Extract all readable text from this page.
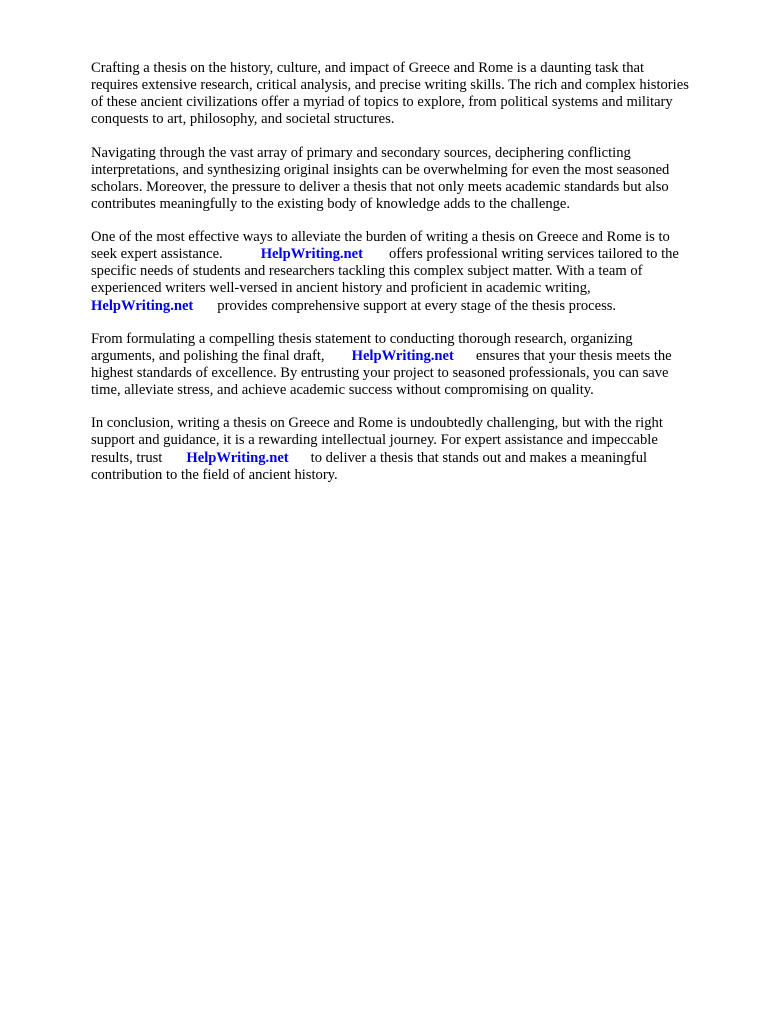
Crafting a thesis on the history, culture, and impact of Greece and Rome is a daunting task that
requires extensive research, critical analysis, and precise writing skills. The rich and complex histories
of these ancient civilizations offer a myriad of topics to explore, from political systems and military
conquests to art, philosophy, and societal structures.

Navigating through the vast array of primary and secondary sources, deciphering conflicting
interpretations, and synthesizing original insights can be overwhelming for even the most seasoned
scholars. Moreover, the pressure to deliver a thesis that not only meets academic standards but also
contributes meaningfully to the existing body of knowledge adds to the challenge.

One of the most effective ways to alleviate the burden of writing a thesis on Greece and Rome is to
seek expert assistance.	HelpWriting.net offers professional writing services tailored to the
specific needs of students and researchers tackling this complex subject matter. With a team of
experienced writers well-versed in ancient history and proficient in academic writing,
HelpWriting.net provides comprehensive support at every stage of the thesis process.

From formulating a compelling thesis statement to conducting thorough research, organizing
arguments, and polishing the final draft, HelpWriting.net ensures that your thesis meets the
highest standards of excellence. By entrusting your project to seasoned professionals, you can save
time, alleviate stress, and achieve academic success without compromising on quality.

In conclusion, writing a thesis on Greece and Rome is undoubtedly challenging, but with the right
support and guidance, it is a rewarding intellectual journey. For expert assistance and impeccable
results, trust HelpWriting.net to deliver a thesis that stands out and makes a meaningful
contribution to the field of ancient history.
